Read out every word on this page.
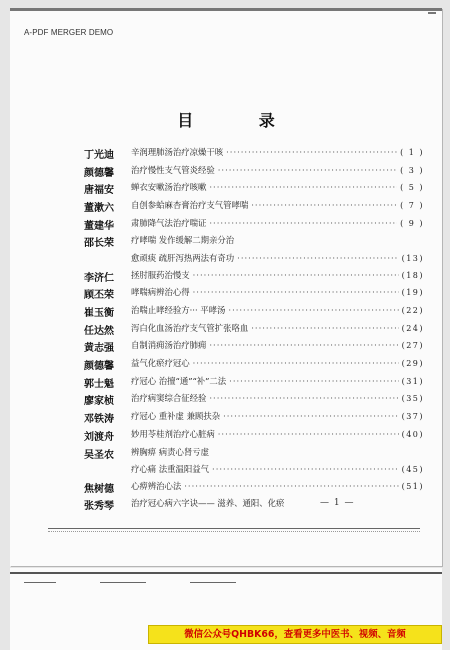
A-PDF MERGER DEMO
目 录
丁光迪 辛润理肺汤治疗凉燥干咳 ·····	( 1 )
颜德馨 治疗慢性支气管炎经验 ·····	( 3 )
唐福安 蝉衣安嗽汤治疗咳嗽 ·····	( 5 )
董漱六 自创参蛤麻杏膏治疗支气管哮喘 ·····	( 7 )
董建华 肃肺降气法治疗喘证 ·····	( 9 )
邵长荣 疗哮喘 发作缓解二期亲分治
愈顽痰 疏肝泻热两法有奇功 ·····	(13)
李济仁 拯肘服药治慢支 ·····	(18)
顾丕荣 哮喘病辨治心得 ·····	(19)
崔玉衡 治喘止哮经验方··· 平哮汤 ·····	(22)
任达然 泻白化血汤治疗支气管扩张咯血 ·····	(24)
黄志强 自制消痈汤治疗肺痈 ·····	(27)
颜德馨 益气化瘀疗冠心 ·····	(29)
郭士魁 疗冠心 治擅“通”“补”二法 ·····	(31)
廖家桢 治疗病窦综合征经验 ·····	(35)
邓铁涛 疗冠心 重补虚 兼顾扶杂 ·····	(37)
刘渡舟 妙用苓桂剂治疗心脏病 ·····	(40)
吴圣农 辨胸痹 病责心肾亏虚
疗心痛 法重温阳益气 ·····	(45)
焦树德 心痹辨治心法 ·····	(51)
张秀琴 治疗冠心病六字诀—— 滋养、通阳、化瘀	— 1 —
微信公众号QHBK66，查看更多中医书、视频、音频
